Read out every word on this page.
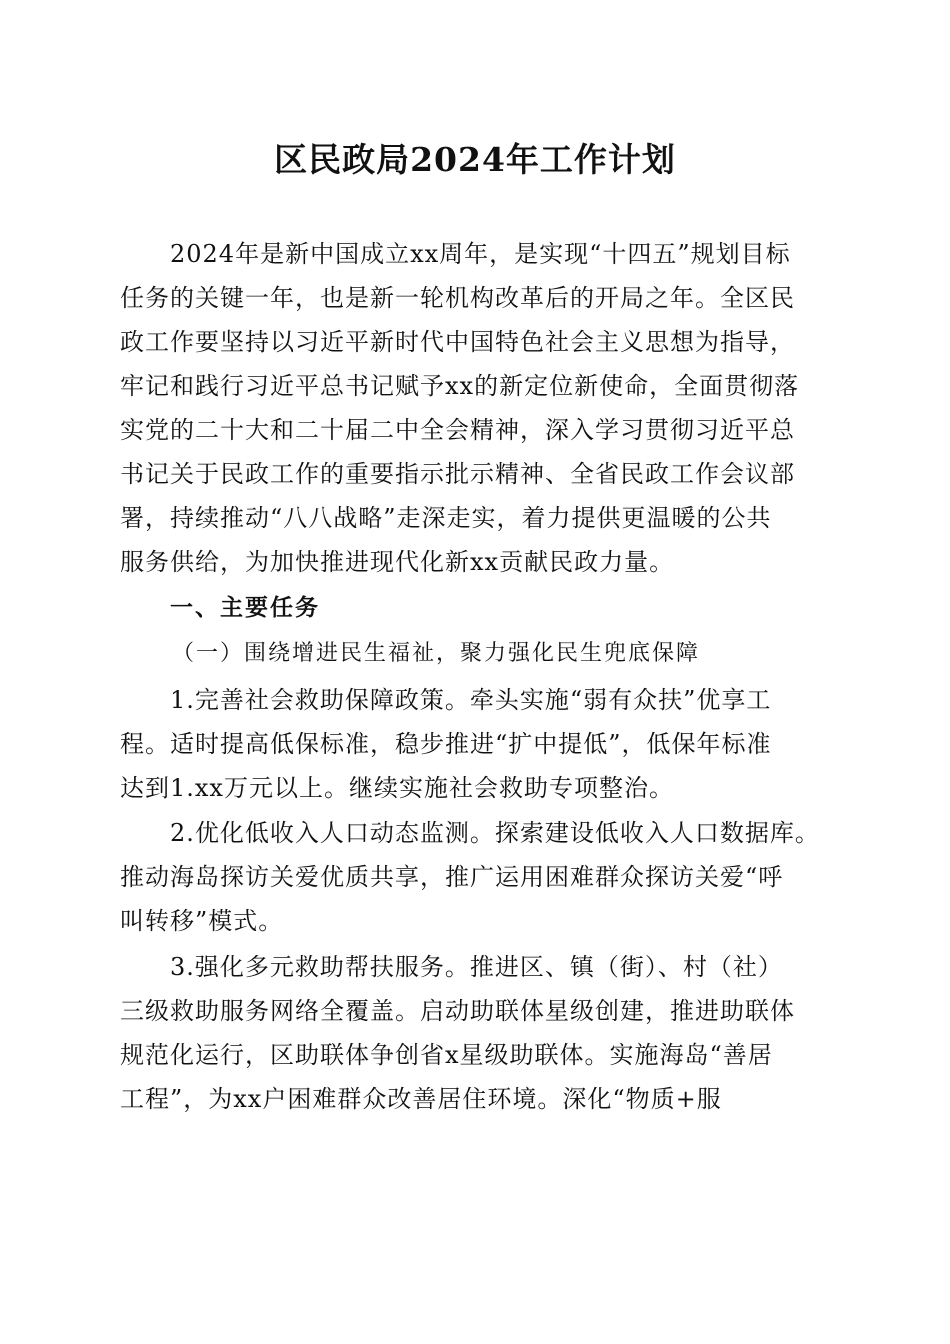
区民政局2024年工作计划
2024年是新中国成立xx周年，是实现“十四五”规划目标
任务的关键一年，也是新一轮机构改革后的开局之年。全区民
政工作要坚持以习近平新时代中国特色社会主义思想为指导，
牢记和践行习近平总书记赋予xx的新定位新使命，全面贯彻落
实党的二十大和二十届二中全会精神，深入学习贯彻习近平总
书记关于民政工作的重要指示批示精神、全省民政工作会议部
署，持续推动“八八战略”走深走实，着力提供更温暖的公共
服务供给，为加快推进现代化新xx贡献民政力量。
一、主要任务
（一）围绕增进民生福祉，聚力强化民生兜底保障
1.完善社会救助保障政策。牵头实施“弱有众扶”优享工
程。适时提高低保标准，稳步推进“扩中提低”，低保年标准
达到1.xx万元以上。继续实施社会救助专项整治。
2.优化低收入人口动态监测。探索建设低收入人口数据库。
推动海岛探访关爱优质共享，推广运用困难群众探访关爱“呼
叫转移”模式。
3.强化多元救助帮扶服务。推进区、镇（街）、村（社）
三级救助服务网络全覆盖。启动助联体星级创建，推进助联体
规范化运行，区助联体争创省x星级助联体。实施海岛“善居
工程”，为xx户困难群众改善居住环境。深化“物质+服
